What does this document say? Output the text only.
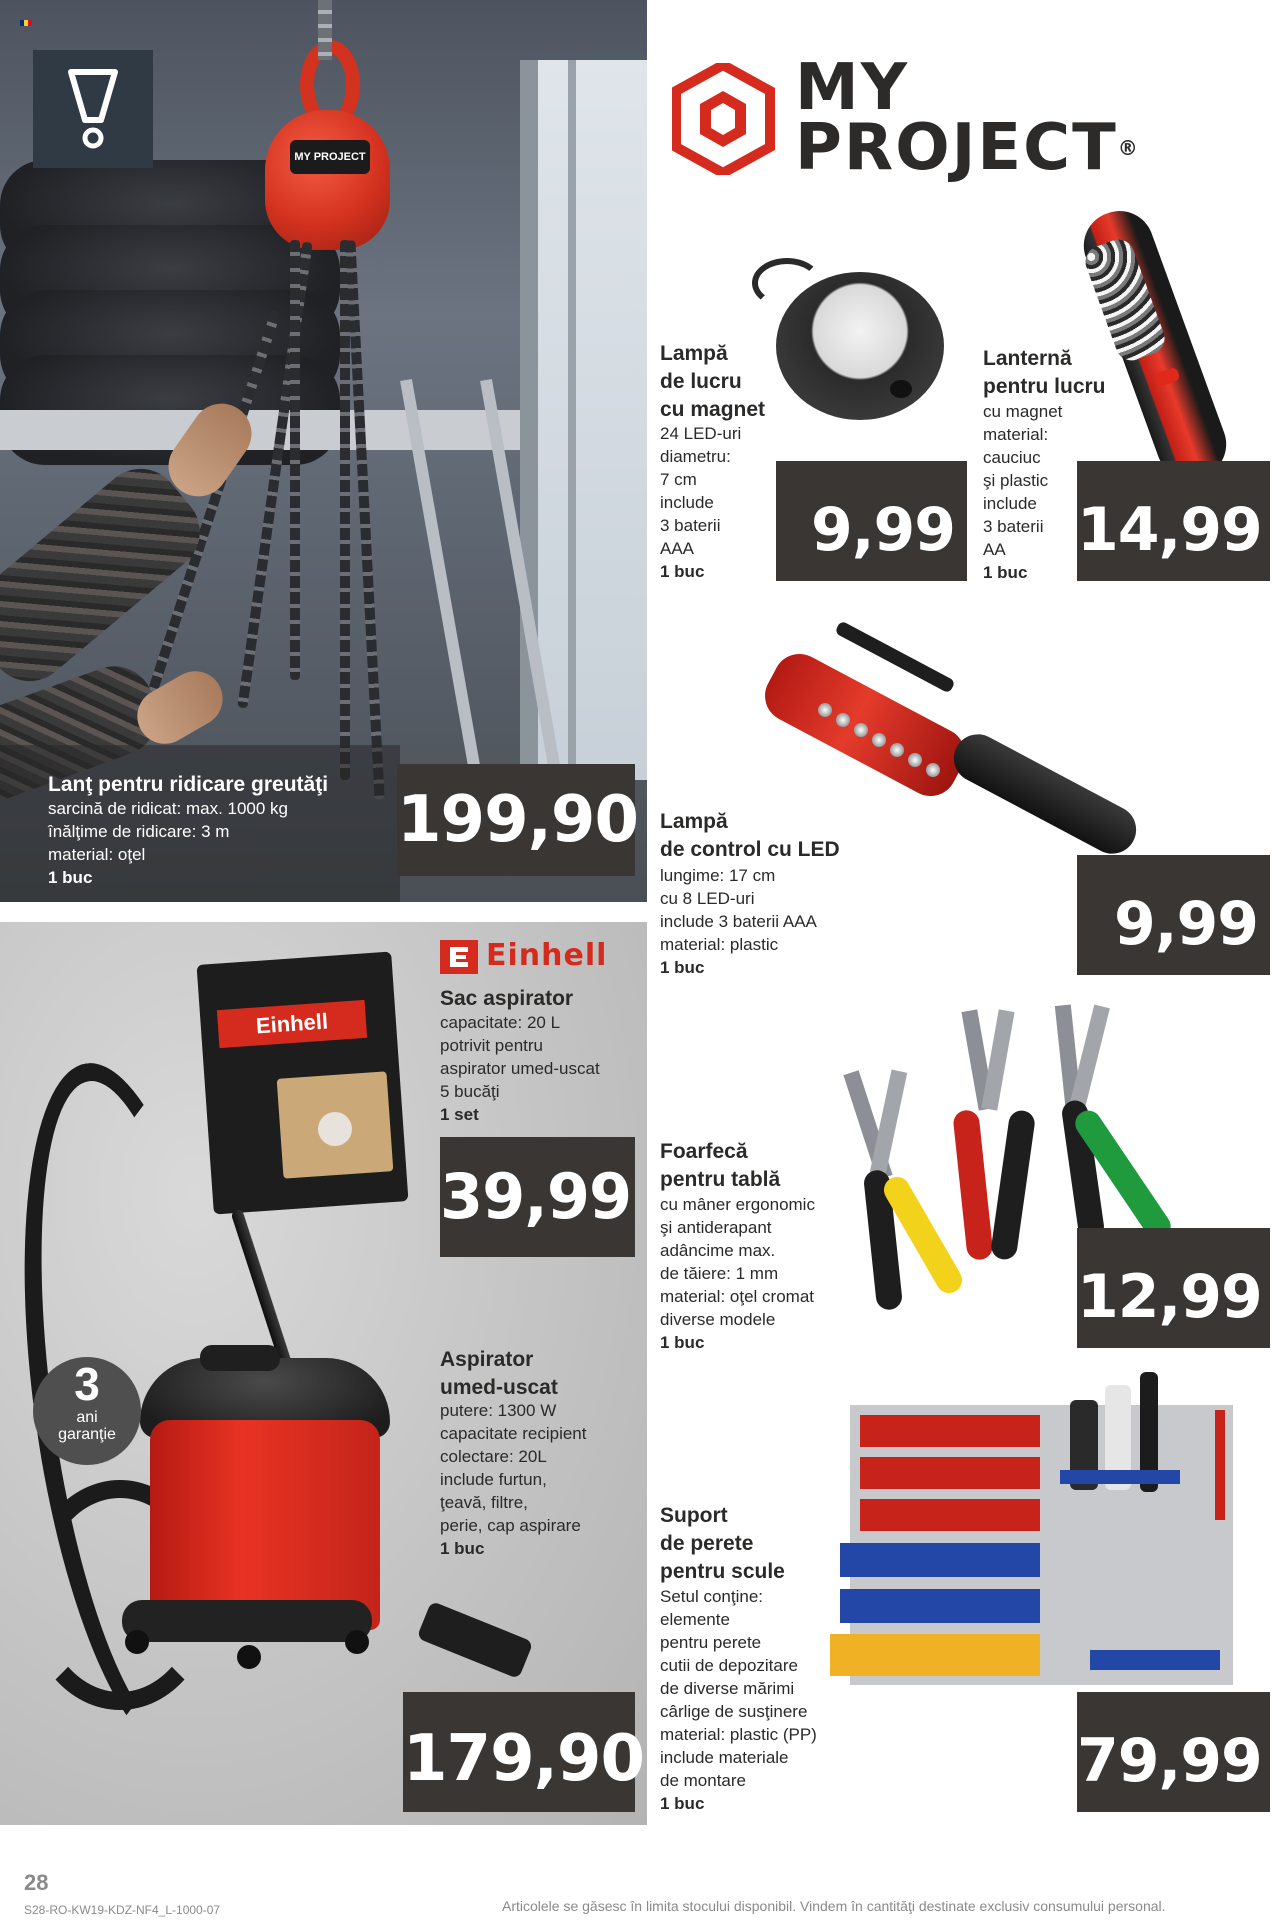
MY PROJECT
Lanţ pentru ridicare greutăţi
sarcină de ridicat: max. 1000 kg
înălţime de ridicare: 3 m
material: oţel
1 buc
199,90
Einhell
3
ani
garanţie
Einhell
Sac aspirator
capacitate: 20 L
potrivit pentru
aspirator umed-uscat
5 bucăţi
1 set
39,99
Aspirator
umed-uscat
putere: 1300 W
capacitate recipient
colectare: 20L
include furtun,
ţeavă, filtre,
perie, cap aspirare
1 buc
179,90
MY
PROJECT®
Lampă
de lucru
cu magnet
24 LED-uri
diametru:
7 cm
include
3 baterii
AAA
1 buc
9,99
Lanternă
pentru lucru
cu magnet
material:
cauciuc
şi plastic
include
3 baterii
AA
1 buc
14,99
Lampă
de control cu LED
lungime: 17 cm
cu 8 LED-uri
include 3 baterii AAA
material: plastic
1 buc
9,99
Foarfecă
pentru tablă
cu mâner ergonomic
şi antiderapant
adâncime max.
de tăiere: 1 mm
material: oţel cromat
diverse modele
1 buc
12,99
Suport
de perete
pentru scule
Setul conţine:
elemente
pentru perete
cutii de depozitare
de diverse mărimi
cârlige de susţinere
material: plastic (PP)
include materiale
de montare
1 buc
79,99
28
S28-RO-KW19-KDZ-NF4_L-1000-07	Articolele se găsesc în limita stocului disponibil. Vindem în cantităţi destinate exclusiv consumului personal.
